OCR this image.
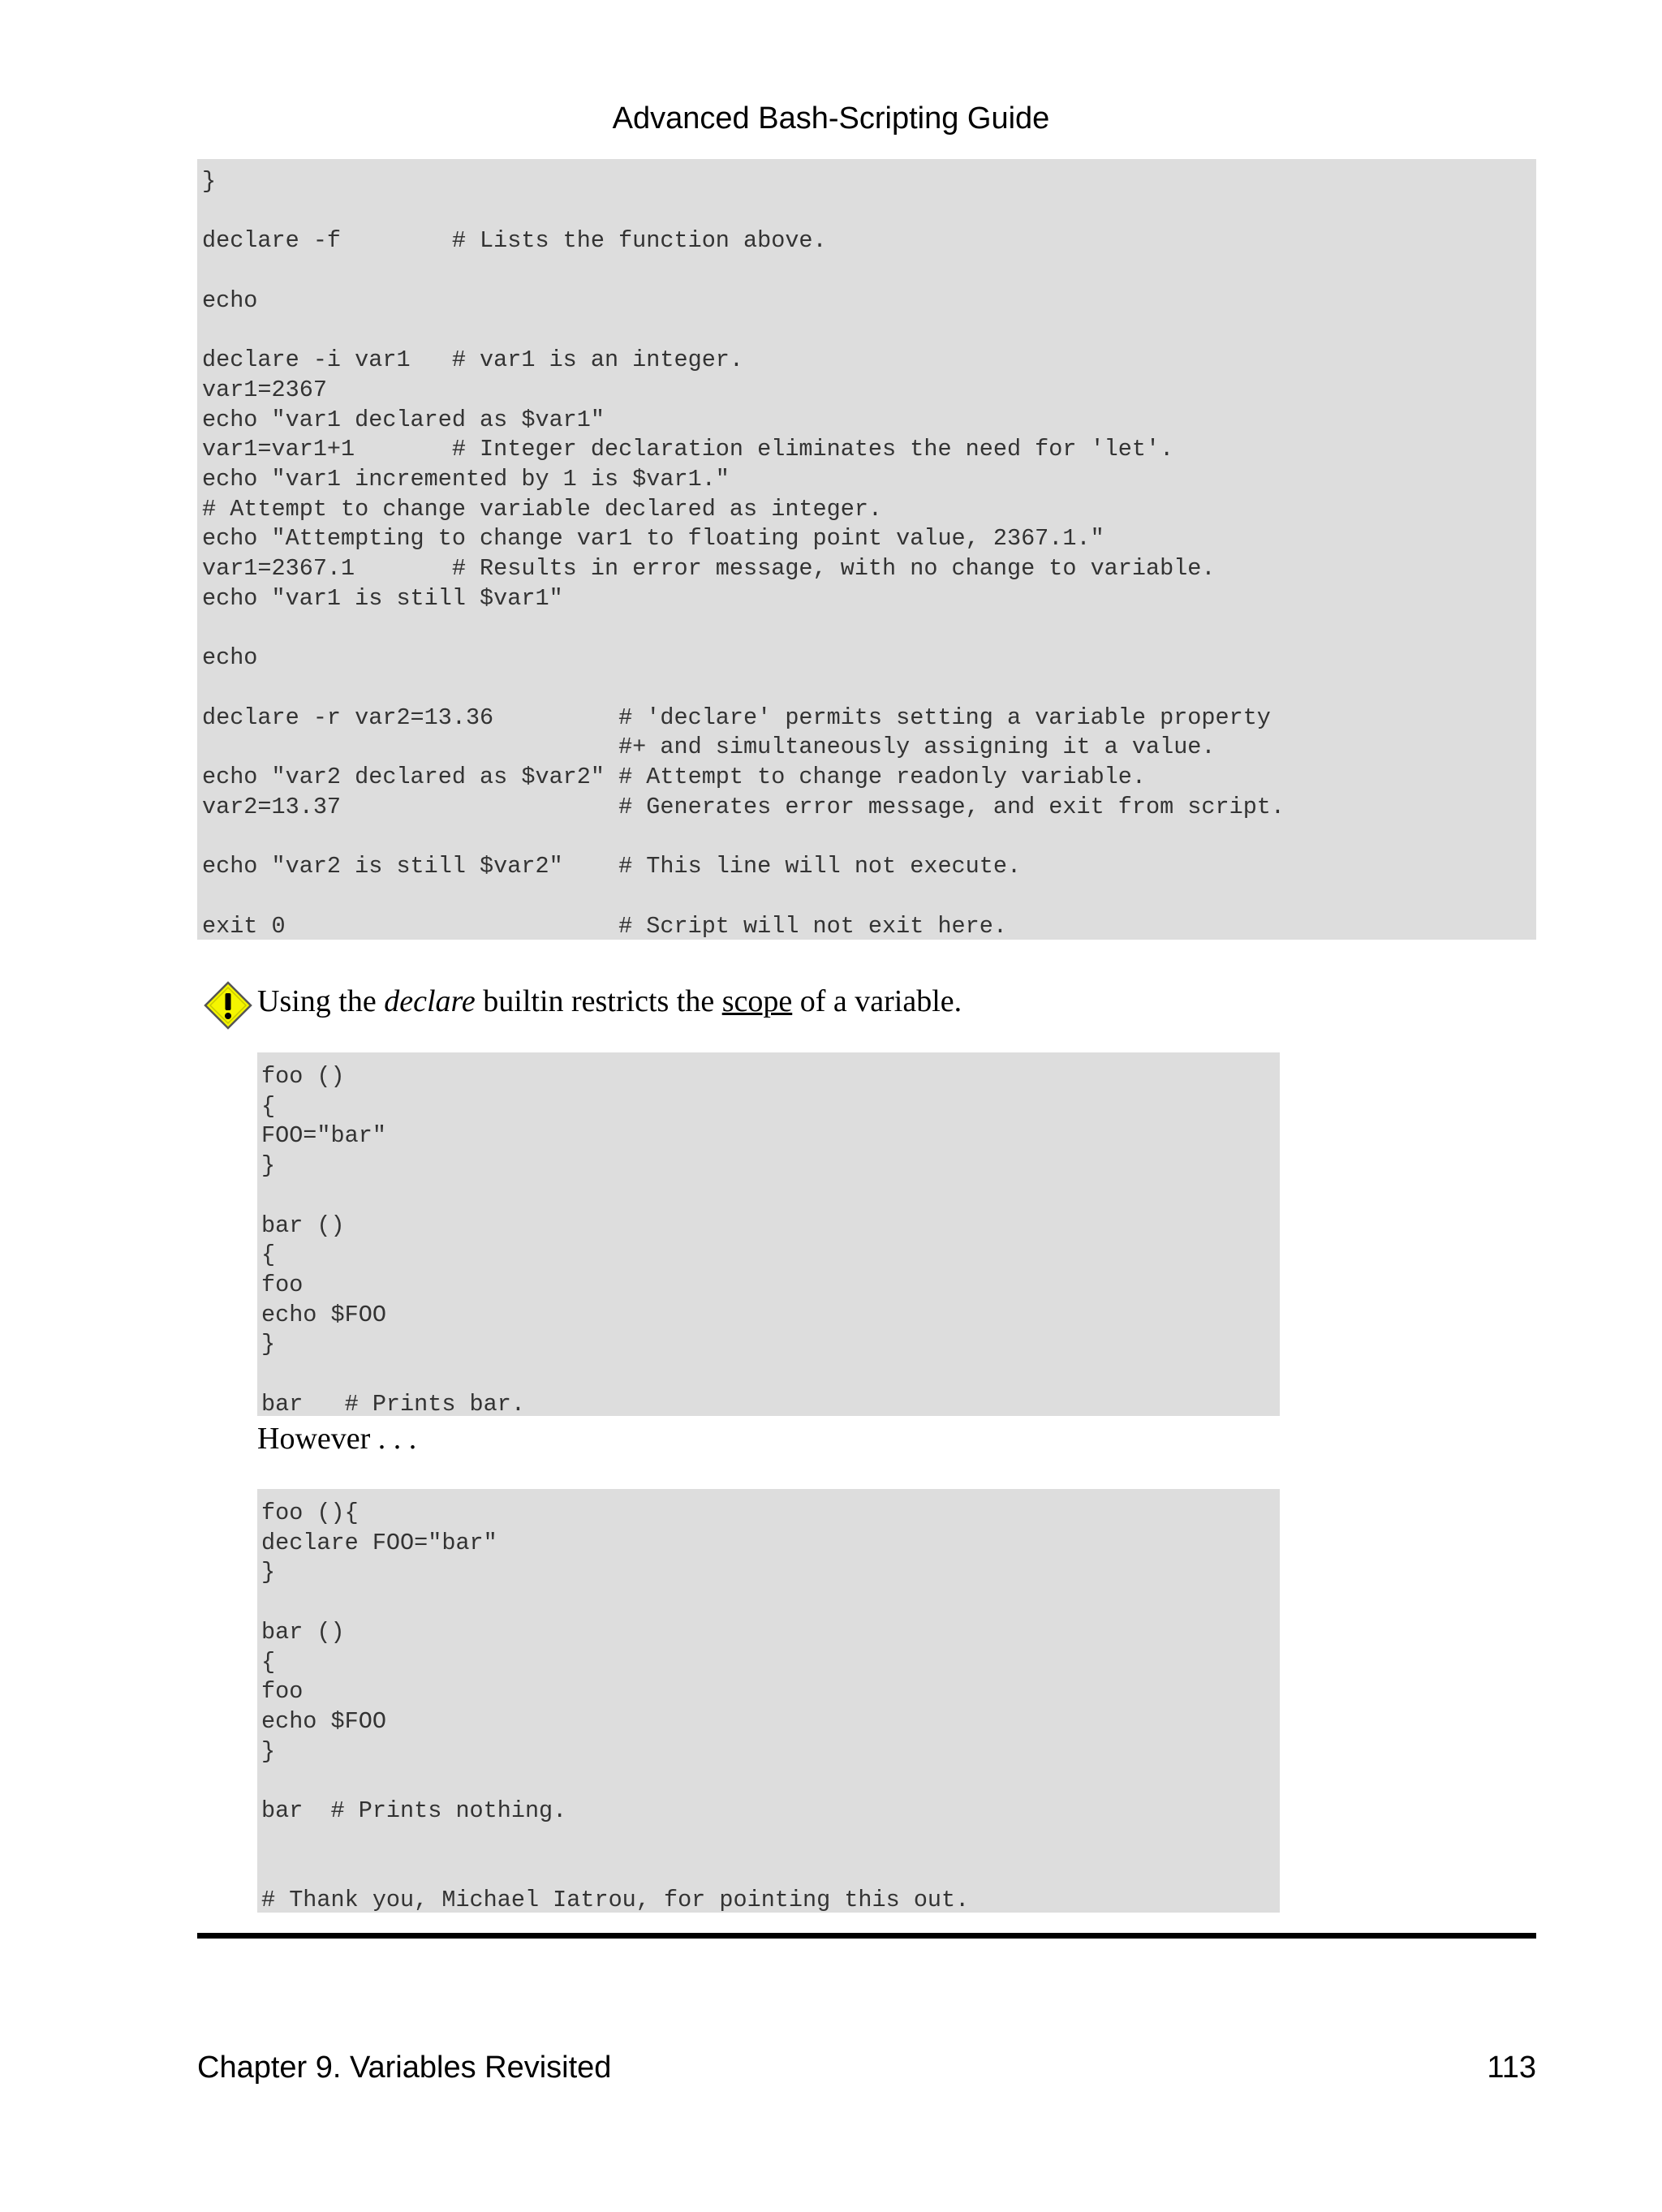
Advanced Bash-Scripting Guide
}

declare -f        # Lists the function above.

echo

declare -i var1   # var1 is an integer.
var1=2367
echo "var1 declared as $var1"
var1=var1+1       # Integer declaration eliminates the need for 'let'.
echo "var1 incremented by 1 is $var1."
# Attempt to change variable declared as integer.
echo "Attempting to change var1 to floating point value, 2367.1."
var1=2367.1       # Results in error message, with no change to variable.
echo "var1 is still $var1"

echo

declare -r var2=13.36         # 'declare' permits setting a variable property
#+ and simultaneously assigning it a value.
echo "var2 declared as $var2" # Attempt to change readonly variable.
var2=13.37                    # Generates error message, and exit from script.

echo "var2 is still $var2"    # This line will not execute.

exit 0                        # Script will not exit here.
Using the declare builtin restricts the scope of a variable.
foo ()
{
FOO="bar"
}

bar ()
{
foo
echo $FOO
}

bar   # Prints bar.
However . . .
foo (){
declare FOO="bar"
}

bar ()
{
foo
echo $FOO
}

bar  # Prints nothing.

# Thank you, Michael Iatrou, for pointing this out.
Chapter 9. Variables Revisited	113
